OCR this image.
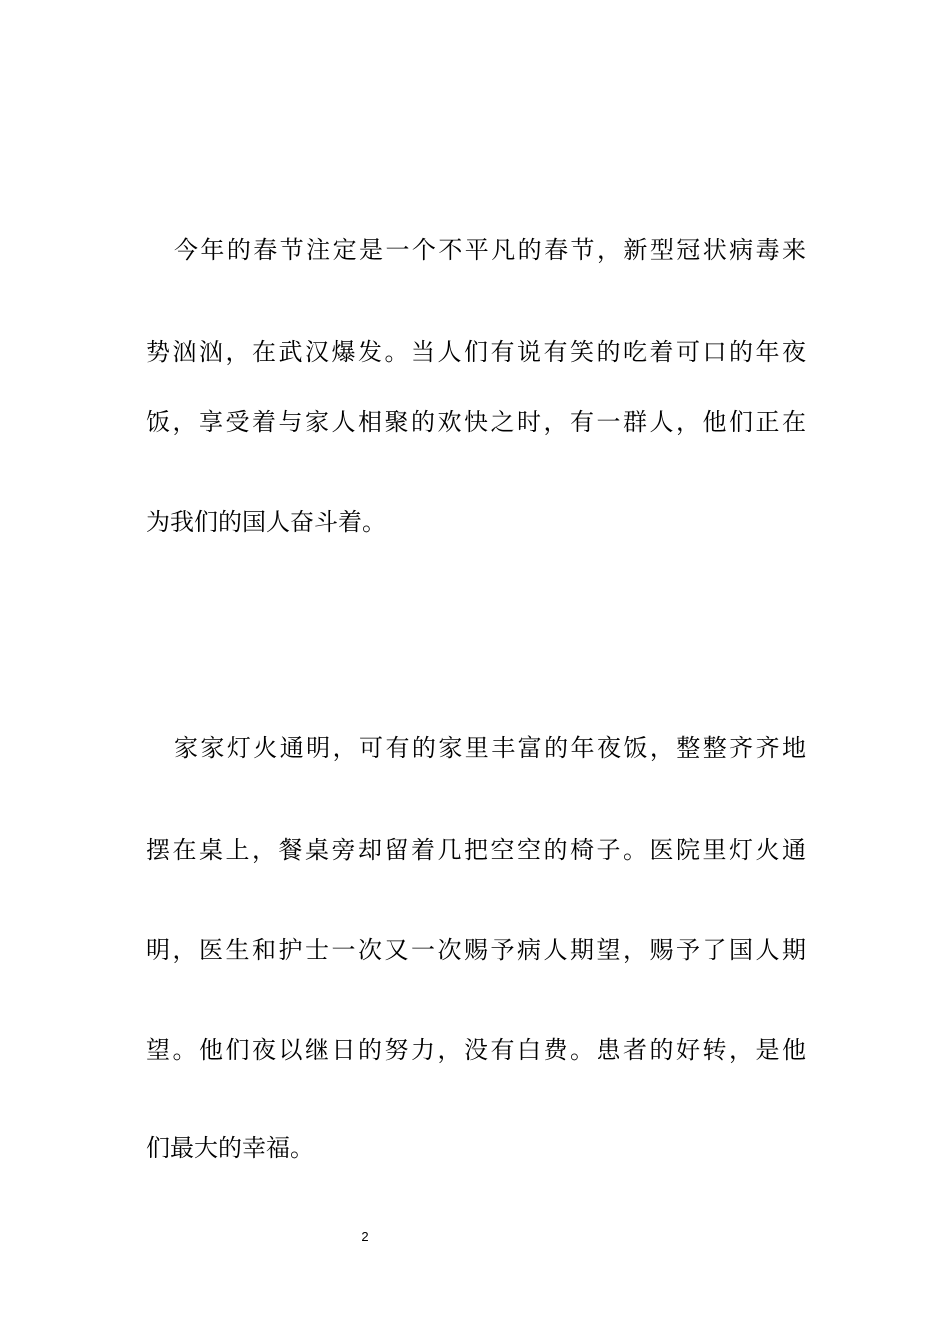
今年的春节注定是一个不平凡的春节，新型冠状病毒来
势汹汹，在武汉爆发。当人们有说有笑的吃着可口的年夜
饭，享受着与家人相聚的欢快之时，有一群人，他们正在
为我们的国人奋斗着。
家家灯火通明，可有的家里丰富的年夜饭，整整齐齐地
摆在桌上，餐桌旁却留着几把空空的椅子。医院里灯火通
明，医生和护士一次又一次赐予病人期望，赐予了国人期
望。他们夜以继日的努力，没有白费。患者的好转，是他
们最大的幸福。
2
